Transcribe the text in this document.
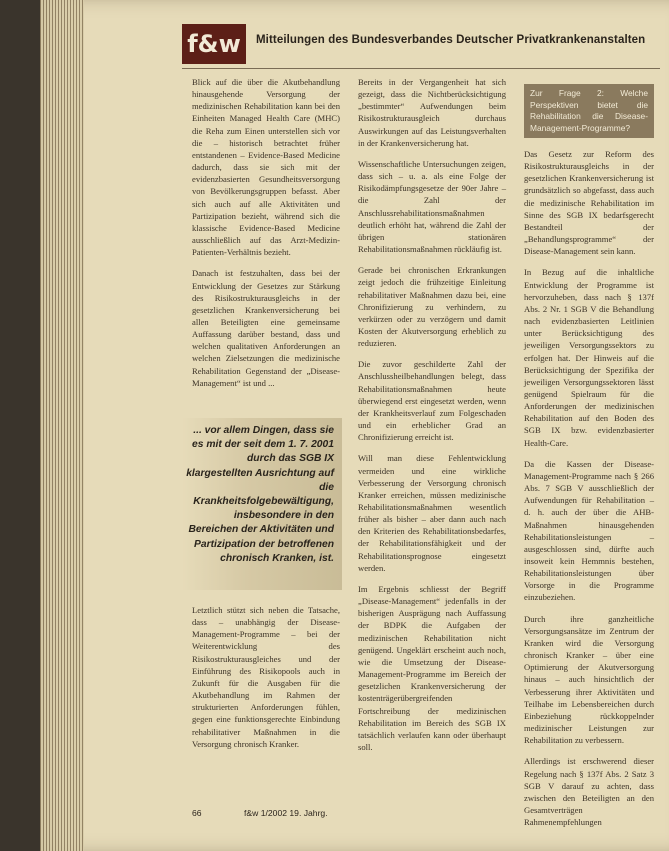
f&w	Mitteilungen des Bundesverbandes Deutscher Privatkrankenanstalten

Blick auf die über die Akutbehandlung hinausgehende Versorgung der medizinischen Rehabilitation kann bei den Einheiten Managed Health Care (MHC) die Reha zum Einen unterstellen sich vor die – historisch betrachtet früher entstandenen – Evidence-Based Medicine dadurch, dass sie sich mit der evidenzbasierten Gesundheitsversorgung von Bevölkerungsgruppen befasst. Aber sich auch auf alle Aktivitäten und Partizipation bezieht, während sich die klassische Evidence-Based Medicine ausschließlich auf das Arzt-Medizin-Patienten-Verhältnis bezieht.

Danach ist festzuhalten, dass bei der Entwicklung der Gesetzes zur Stärkung des Risikostrukturausgleichs in der gesetzlichen Krankenversicherung bei allen Beteiligten eine gemeinsame Auffassung darüber bestand, dass und welchen qualitativen Anforderungen an welchen Zielsetzungen die medizinische Rehabilitation Gegenstand der „Disease-Management“ ist und ...

... vor allem Dingen, dass sie es mit der seit dem 1. 7. 2001 durch das SGB IX klargestellten Ausrichtung auf die Krankheitsfolgebewältigung, insbesondere in den Bereichen der Aktivitäten und Partizipation der betroffenen chronisch Kranken, ist.

Letztlich stützt sich neben die Tatsache, dass – unabhängig der Disease-Management-Programme – bei der Weiterentwicklung des Risikostrukturausgleiches und der Einführung des Risikopools auch in Zukunft für die Ausgaben für die Akutbehandlung im Rahmen der strukturierten Anforderungen fühlen, gegen eine funktionsgerechte Einbindung rehabilitativer Maßnahmen in die Versorgung chronisch Kranker.

Bereits in der Vergangenheit hat sich gezeigt, dass die Nichtberücksichtigung „bestimmter“ Aufwendungen beim Risikostrukturausgleich durchaus Auswirkungen auf das Leistungsverhalten in der Krankenversicherung hat.

Wissenschaftliche Untersuchungen zeigen, dass sich – u. a. als eine Folge der Risikodämpfungsgesetze der 90er Jahre – die Zahl der Anschlussrehabilitationsmaßnahmen deutlich erhöht hat, während die Zahl der übrigen stationären Rehabilitationsmaßnahmen rückläufig ist.

Gerade bei chronischen Erkrankungen zeigt jedoch die frühzeitige Einleitung rehabilitativer Maßnahmen dazu bei, eine Chronifizierung zu verhindern, zu verkürzen oder zu verzögern und damit Kosten der Akutversorgung erheblich zu reduzieren.

Die zuvor geschilderte Zahl der Anschlussheilbehandlungen belegt, dass Rehabilitationsmaßnahmen heute überwiegend erst eingesetzt werden, wenn der Krankheitsverlauf zum Folgeschaden und ein erheblicher Grad an Chronifizierung erreicht ist.

Will man diese Fehlentwicklung vermeiden und eine wirkliche Verbesserung der Versorgung chronisch Kranker erreichen, müssen medizinische Rehabilitationsmaßnahmen wesentlich früher als bisher – aber dann auch nach den Kriterien des Rehabilitationsbedarfes, der Rehabilitationsfähigkeit und der Rehabilitationsprognose eingesetzt werden.

Im Ergebnis schliesst der Begriff „Disease-Management“ jedenfalls in der bisherigen Ausprägung nach Auffassung der BDPK die Aufgaben der medizinischen Rehabilitation nicht genügend. Ungeklärt erscheint auch noch, wie die Umsetzung der Disease-Management-Programme im Bereich der gesetzlichen Krankenversicherung der kostenträgerübergreifenden Fortschreibung der medizinischen Rehabilitation im Bereich des SGB IX tatsächlich verlaufen kann oder überhaupt soll.

Zur Frage 2: Welche Perspektiven bietet die Rehabilitation die Disease-Management-Programme?

Das Gesetz zur Reform des Risikostrukturausgleichs in der gesetzlichen Krankenversicherung ist grundsätzlich so abgefasst, dass auch die medizinische Rehabilitation im Sinne des SGB IX bedarfsgerecht Bestandteil der „Behandlungsprogramme“ der Disease-Management sein kann.

In Bezug auf die inhaltliche Entwicklung der Programme ist hervorzuheben, dass nach § 137f Abs. 2 Nr. 1 SGB V die Behandlung nach evidenzbasierten Leitlinien unter Berücksichtigung des jeweiligen Versorgungssektors zu erfolgen hat. Der Hinweis auf die Berücksichtigung der Spezifika der jeweiligen Versorgungssektoren lässt genügend Spielraum für die Anforderungen der medizinischen Rehabilitation auf den Boden des SGB IX bzw. evidenzbasierter Health-Care.

Da die Kassen der Disease-Management-Programme nach § 266 Abs. 7 SGB V ausschließlich der Aufwendungen für Rehabilitation – d. h. auch der über die AHB-Maßnahmen hinausgehenden Rehabilitationsleistungen – ausgeschlossen sind, dürfte auch insoweit kein Hemmnis bestehen, Rehabilitationsleistungen über Vorsorge in die Programme einzubeziehen.

Durch ihre ganzheitliche Versorgungsansätze im Zentrum der Kranken wird die Versorgung chronisch Kranker – über eine Optimierung der Akutversorgung hinaus – auch hinsichtlich der Verbesserung ihrer Aktivitäten und Teilhabe im Lebensbereichen durch Einbeziehung rückkoppelnder medizinischer Leistungen zur Rehabilitation zu verbessern.

Allerdings ist erschwerend dieser Regelung nach § 137f Abs. 2 Satz 3 SGB V darauf zu achten, dass zwischen den Beteiligten an den Gesamtverträgen Rahmenempfehlungen

66	f&w 1/2002 19. Jahrg.
